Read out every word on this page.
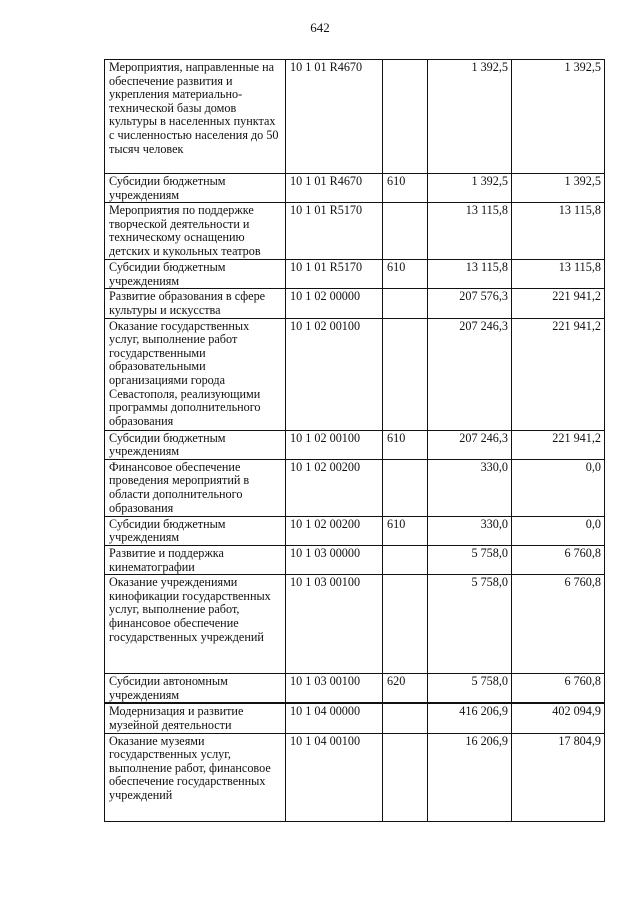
642
Мероприятия, направленные на обеспечение развития и укрепления материально-технической базы домов культуры в населенных пунктах с численностью населения до 50 тысяч человек	10 1 01 R4670		1 392,5	1 392,5
Субсидии бюджетным учреждениям	10 1 01 R4670	610	1 392,5	1 392,5
Мероприятия по поддержке творческой деятельности и техническому оснащению детских и кукольных театров	10 1 01 R5170		13 115,8	13 115,8
Субсидии бюджетным учреждениям	10 1 01 R5170	610	13 115,8	13 115,8
Развитие образования в сфере культуры и искусства	10 1 02 00000		207 576,3	221 941,2
Оказание государственных услуг, выполнение работ государственными образовательными организациями города Севастополя, реализующими программы дополнительного образования	10 1 02 00100		207 246,3	221 941,2
Субсидии бюджетным учреждениям	10 1 02 00100	610	207 246,3	221 941,2
Финансовое обеспечение проведения мероприятий в области дополнительного образования	10 1 02 00200		330,0	0,0
Субсидии бюджетным учреждениям	10 1 02 00200	610	330,0	0,0
Развитие и поддержка кинематографии	10 1 03 00000		5 758,0	6 760,8
Оказание учреждениями кинофикации государственных услуг, выполнение работ, финансовое обеспечение государственных учреждений	10 1 03 00100		5 758,0	6 760,8
Субсидии автономным учреждениям	10 1 03 00100	620	5 758,0	6 760,8
Модернизация и развитие музейной деятельности	10 1 04 00000		416 206,9	402 094,9
Оказание музеями государственных услуг, выполнение работ, финансовое обеспечение государственных учреждений	10 1 04 00100		16 206,9	17 804,9
